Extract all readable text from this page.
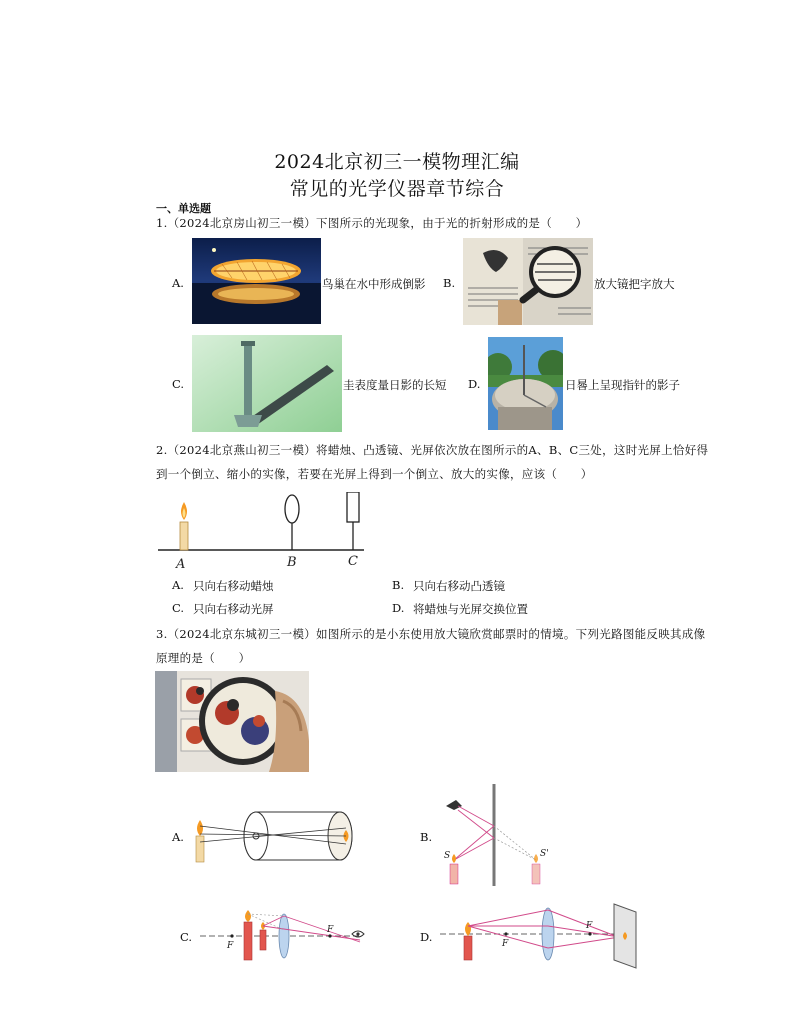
2024北京初三一模物理汇编
常见的光学仪器章节综合
一、单选题
1.（2024北京房山初三一模）下图所示的光现象，由于光的折射形成的是（　　）
A.	鸟巢在水中形成倒影 B.	放大镜把字放大
C.	圭表度量日影的长短 D.	日晷上呈现指针的影子
2.（2024北京燕山初三一模）将蜡烛、凸透镜、光屏依次放在图所示的A、B、C三处，这时光屏上恰好得
到一个倒立、缩小的实像，若要在光屏上得到一个倒立、放大的实像，应该（　　）
A	B	C
A. 只向右移动蜡烛	B. 只向右移动凸透镜
C. 只向右移动光屏	D. 将蜡烛与光屏交换位置
3.（2024北京东城初三一模）如图所示的是小东使用放大镜欣赏邮票时的情境。下列光路图能反映其成像
原理的是（　　）
A.	B.
S	S'
C.
F
F	D.	F
F
